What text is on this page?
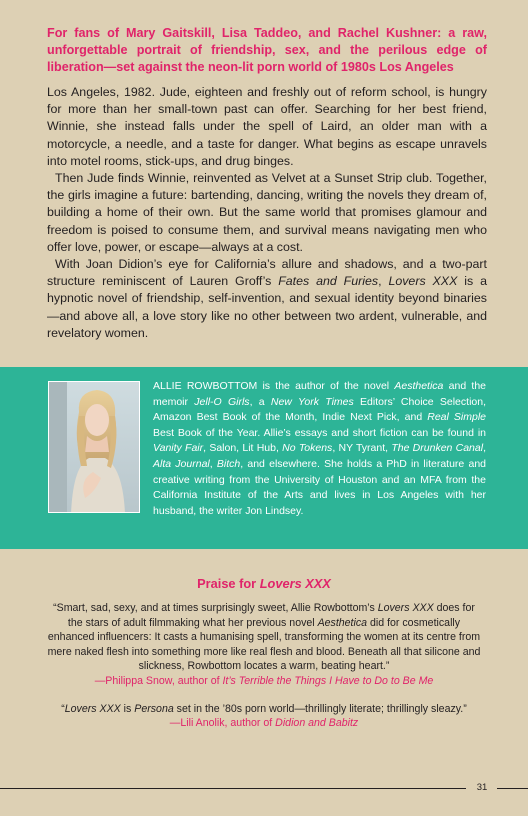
For fans of Mary Gaitskill, Lisa Taddeo, and Rachel Kushner: a raw, unforgettable portrait of friendship, sex, and the perilous edge of liberation—set against the neon-lit porn world of 1980s Los Angeles

Los Angeles, 1982. Jude, eighteen and freshly out of reform school, is hungry for more than her small-town past can offer. Searching for her best friend, Winnie, she instead falls under the spell of Laird, an older man with a motorcycle, a needle, and a taste for danger. What begins as escape unravels into motel rooms, stick-ups, and drug binges.

Then Jude finds Winnie, reinvented as Velvet at a Sunset Strip club. Together, the girls imagine a future: bartending, dancing, writing the novels they dream of, building a home of their own. But the same world that promises glamour and freedom is poised to consume them, and survival means navigating men who offer love, power, or escape—always at a cost.

With Joan Didion’s eye for California’s allure and shadows, and a two-part structure reminiscent of Lauren Groff’s Fates and Furies, Lovers XXX is a hypnotic novel of friendship, self-invention, and sexual identity beyond binaries—and above all, a love story like no other between two ardent, vulnerable, and revelatory women.

ALLIE ROWBOTTOM is the author of the novel Aesthetica and the memoir Jell-O Girls, a New York Times Editors’ Choice Selection, Amazon Best Book of the Month, Indie Next Pick, and Real Simple Best Book of the Year. Allie’s essays and short fiction can be found in Vanity Fair, Salon, Lit Hub, No Tokens, NY Tyrant, The Drunken Canal, Alta Journal, Bitch, and elsewhere. She holds a PhD in literature and creative writing from the University of Houston and an MFA from the California Institute of the Arts and lives in Los Angeles with her husband, the writer Jon Lindsey.

Praise for Lovers XXX

“Smart, sad, sexy, and at times surprisingly sweet, Allie Rowbottom’s Lovers XXX does for the stars of adult filmmaking what her previous novel Aesthetica did for cosmetically enhanced influencers: It casts a humanising spell, transforming the women at its centre from mere naked flesh into something more like real flesh and blood. Beneath all that silicone and slickness, Rowbottom locates a warm, beating heart.”

—Philippa Snow, author of It’s Terrible the Things I Have to Do to Be Me

“Lovers XXX is Persona set in the ’80s porn world—thrillingly literate; thrillingly sleazy.”

—Lili Anolik, author of Didion and Babitz

31
